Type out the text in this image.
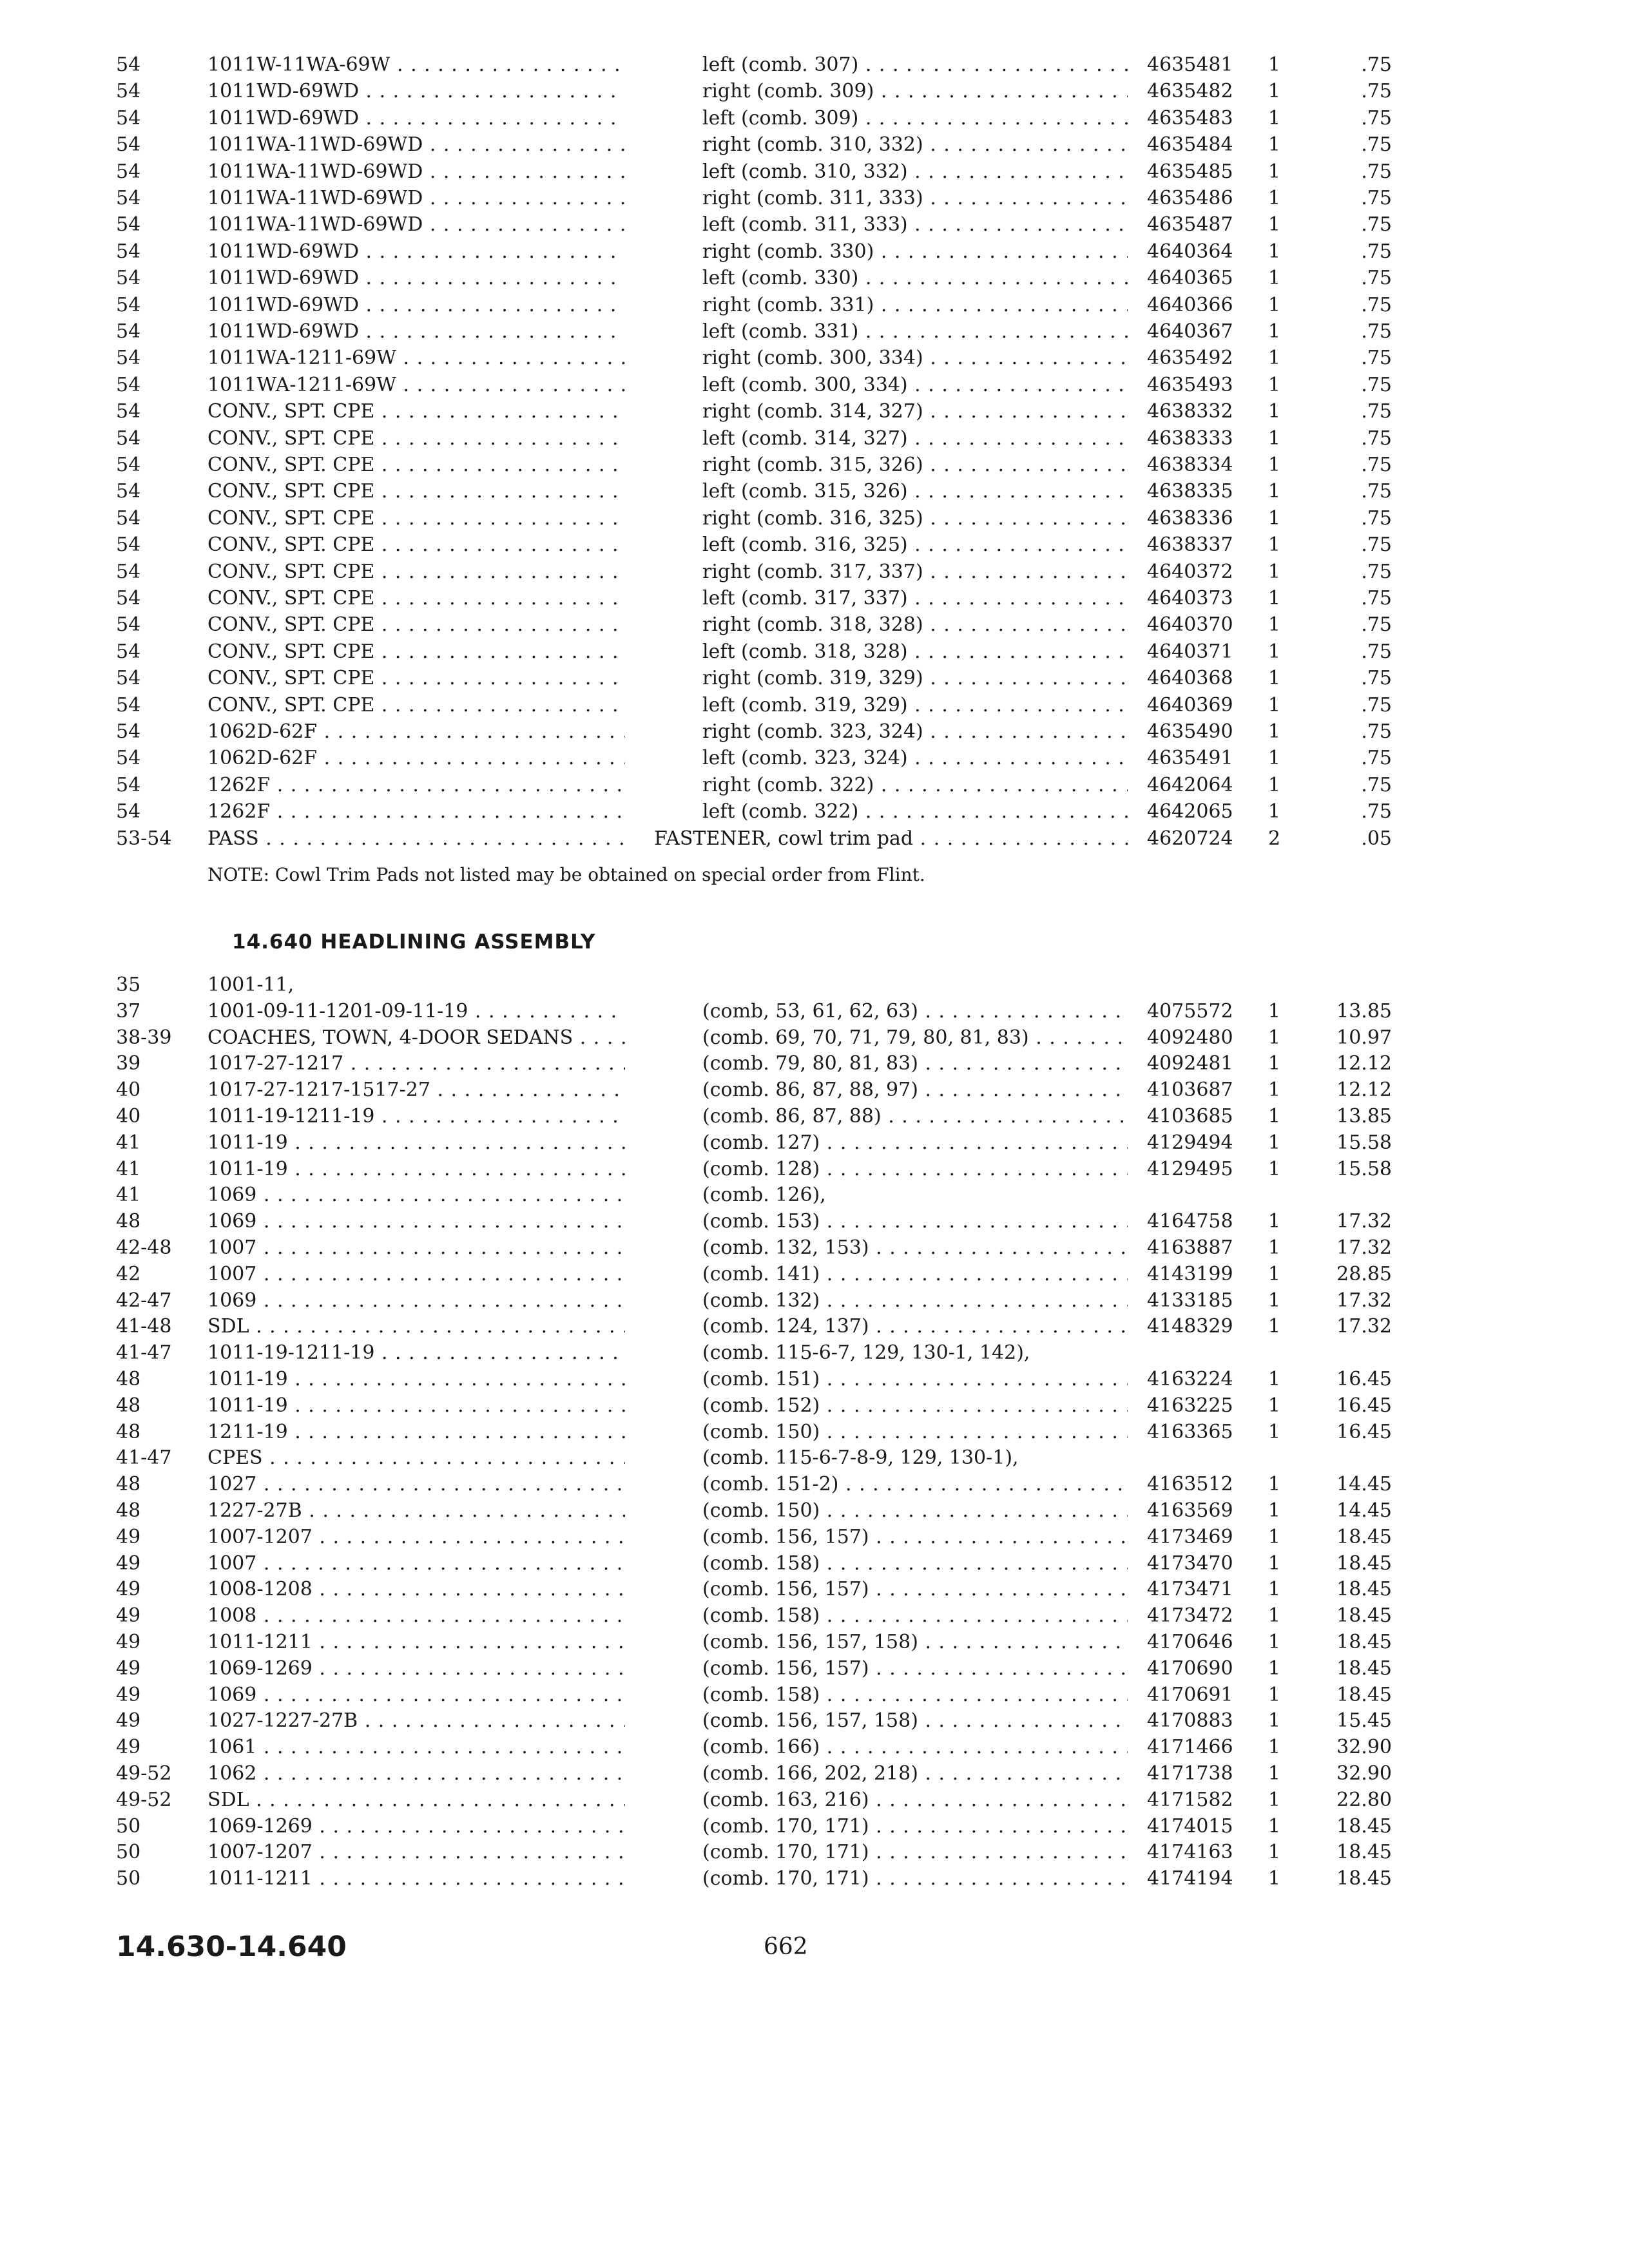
54	1011W-11WA-69W . . .	left (comb. 307) . . .	4635481	1	.75
54	1011WD-69WD . . .	right (comb. 309) . . .	4635482	1	.75
54	1011WD-69WD . . .	left (comb. 309) . . .	4635483	1	.75
54	1011WA-11WD-69WD . . .	right (comb. 310, 332) . . .	4635484	1	.75
54	1011WA-11WD-69WD . . .	left (comb. 310, 332) . . .	4635485	1	.75
54	1011WA-11WD-69WD . . .	right (comb. 311, 333) . . .	4635486	1	.75
54	1011WA-11WD-69WD . . .	left (comb. 311, 333) . . .	4635487	1	.75
54	1011WD-69WD . . .	right (comb. 330) . . .	4640364	1	.75
54	1011WD-69WD . . .	left (comb. 330) . . .	4640365	1	.75
54	1011WD-69WD . . .	right (comb. 331) . . .	4640366	1	.75
54	1011WD-69WD . . .	left (comb. 331) . . .	4640367	1	.75
54	1011WA-1211-69W . . .	right (comb. 300, 334) . . .	4635492	1	.75
54	1011WA-1211-69W . . .	left (comb. 300, 334) . . .	4635493	1	.75
54	CONV., SPT. CPE . . .	right (comb. 314, 327) . . .	4638332	1	.75
54	CONV., SPT. CPE . . .	left (comb. 314, 327) . . .	4638333	1	.75
54	CONV., SPT. CPE . . .	right (comb. 315, 326) . . .	4638334	1	.75
54	CONV., SPT. CPE . . .	left (comb. 315, 326) . . .	4638335	1	.75
54	CONV., SPT. CPE . . .	right (comb. 316, 325) . . .	4638336	1	.75
54	CONV., SPT. CPE . . .	left (comb. 316, 325) . . .	4638337	1	.75
54	CONV., SPT. CPE . . .	right (comb. 317, 337) . . .	4640372	1	.75
54	CONV., SPT. CPE . . .	left (comb. 317, 337) . . .	4640373	1	.75
54	CONV., SPT. CPE . . .	right (comb. 318, 328) . . .	4640370	1	.75
54	CONV., SPT. CPE . . .	left (comb. 318, 328) . . .	4640371	1	.75
54	CONV., SPT. CPE . . .	right (comb. 319, 329) . . .	4640368	1	.75
54	CONV., SPT. CPE . . .	left (comb. 319, 329) . . .	4640369	1	.75
54	1062D-62F . . .	right (comb. 323, 324) . . .	4635490	1	.75
54	1062D-62F . . .	left (comb. 323, 324) . . .	4635491	1	.75
54	1262F . . .	right (comb. 322) . . .	4642064	1	.75
54	1262F . . .	left (comb. 322) . . .	4642065	1	.75
53-54	PASS . . .	FASTENER, cowl trim pad . . .	4620724	2	.05
NOTE: Cowl Trim Pads not listed may be obtained on special order from Flint.
14.640 HEADLINING ASSEMBLY
35	1001-11,
37	1001-09-11-1201-09-11-19 . . .	(comb, 53, 61, 62, 63) . . .	4075572	1	13.85
38-39	COACHES, TOWN, 4-DOOR SEDANS . . .	(comb. 69, 70, 71, 79, 80, 81, 83) . . .	4092480	1	10.97
39	1017-27-1217 . . .	(comb. 79, 80, 81, 83) . . .	4092481	1	12.12
40	1017-27-1217-1517-27 . . .	(comb. 86, 87, 88, 97) . . .	4103687	1	12.12
40	1011-19-1211-19 . . .	(comb. 86, 87, 88) . . .	4103685	1	13.85
41	1011-19 . . .	(comb. 127) . . .	4129494	1	15.58
41	1011-19 . . .	(comb. 128) . . .	4129495	1	15.58
41	1069 . . .	(comb. 126),
48	1069 . . .	(comb. 153) . . .	4164758	1	17.32
42-48	1007 . . .	(comb. 132, 153) . . .	4163887	1	17.32
42	1007 . . .	(comb. 141) . . .	4143199	1	28.85
42-47	1069 . . .	(comb. 132) . . .	4133185	1	17.32
41-48	SDL . . .	(comb. 124, 137) . . .	4148329	1	17.32
41-47	1011-19-1211-19 . . .	(comb. 115-6-7, 129, 130-1, 142),
48	1011-19 . . .	(comb. 151) . . .	4163224	1	16.45
48	1011-19 . . .	(comb. 152) . . .	4163225	1	16.45
48	1211-19 . . .	(comb. 150) . . .	4163365	1	16.45
41-47	CPES . . .	(comb. 115-6-7-8-9, 129, 130-1),
48	1027 . . .	(comb. 151-2) . . .	4163512	1	14.45
48	1227-27B . . .	(comb. 150) . . .	4163569	1	14.45
49	1007-1207 . . .	(comb. 156, 157) . . .	4173469	1	18.45
49	1007 . . .	(comb. 158) . . .	4173470	1	18.45
49	1008-1208 . . .	(comb. 156, 157) . . .	4173471	1	18.45
49	1008 . . .	(comb. 158) . . .	4173472	1	18.45
49	1011-1211 . . .	(comb. 156, 157, 158) . . .	4170646	1	18.45
49	1069-1269 . . .	(comb. 156, 157) . . .	4170690	1	18.45
49	1069 . . .	(comb. 158) . . .	4170691	1	18.45
49	1027-1227-27B . . .	(comb. 156, 157, 158) . . .	4170883	1	15.45
49	1061 . . .	(comb. 166) . . .	4171466	1	32.90
49-52	1062 . . .	(comb. 166, 202, 218) . . .	4171738	1	32.90
49-52	SDL . . .	(comb. 163, 216) . . .	4171582	1	22.80
50	1069-1269 . . .	(comb. 170, 171) . . .	4174015	1	18.45
50	1007-1207 . . .	(comb. 170, 171) . . .	4174163	1	18.45
50	1011-1211 . . .	(comb. 170, 171) . . .	4174194	1	18.45
14.630-14.640	662
